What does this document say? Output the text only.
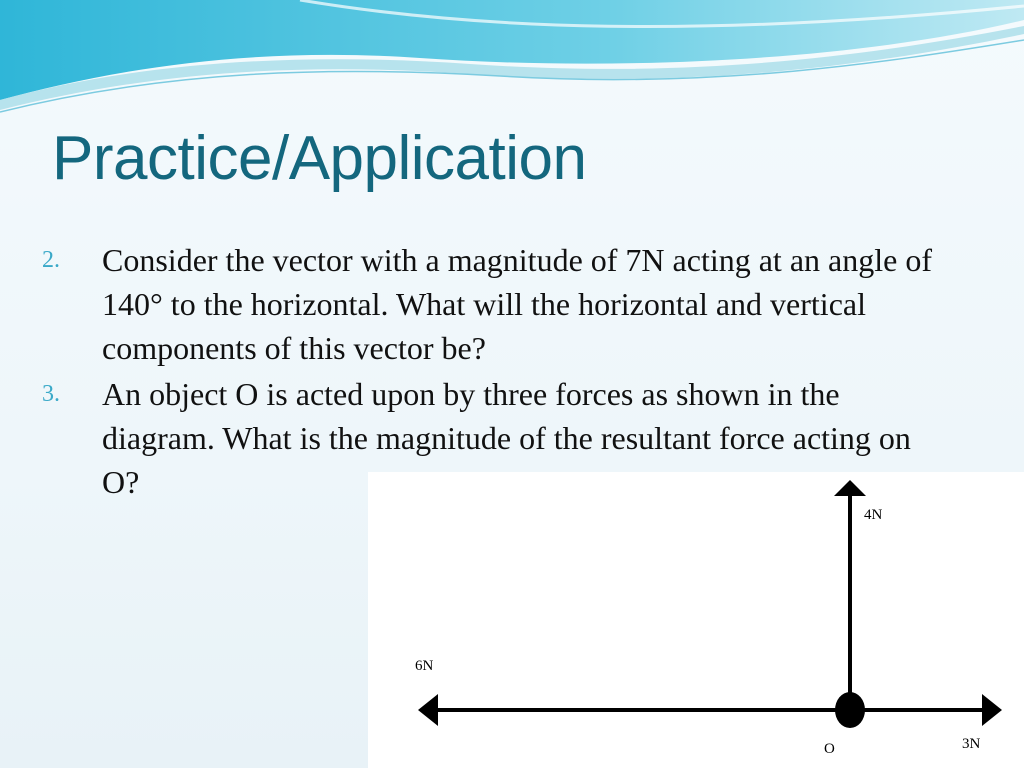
Practice/Application
2.	Consider the vector with a magnitude of 7N acting at an angle of 140° to the horizontal. What will the horizontal and vertical components of this vector be?
3.	An object O is acted upon by three forces as shown in the diagram. What is the magnitude of the resultant force acting on O?
4N
6N
3N
O
